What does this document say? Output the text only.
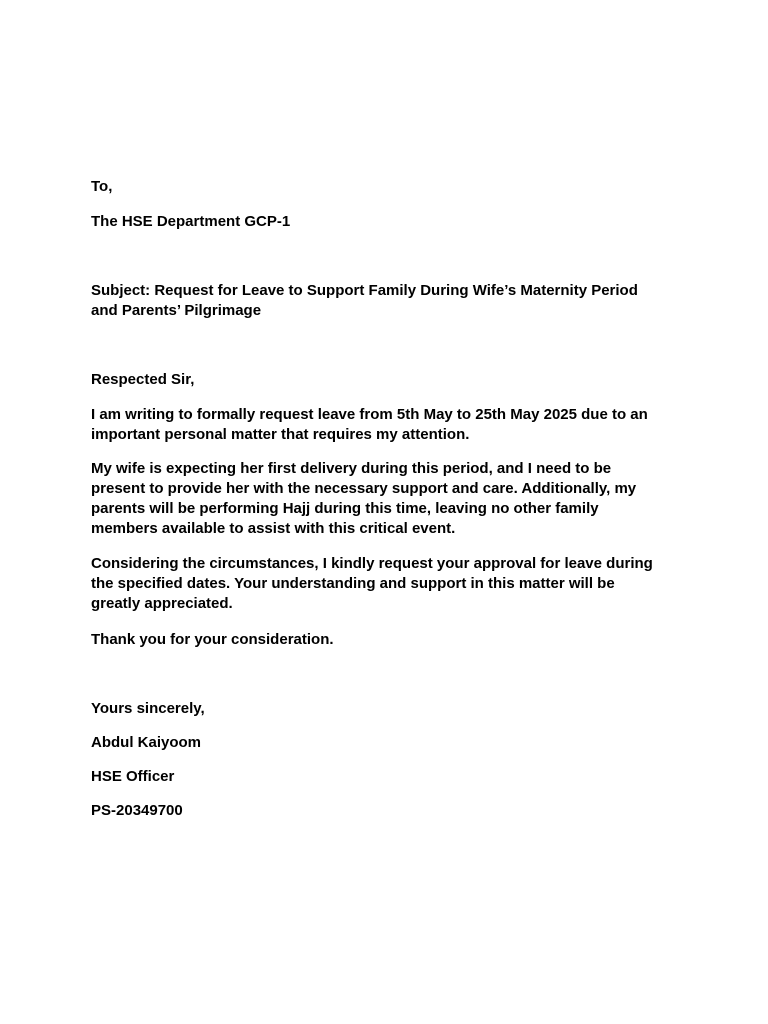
To,
The HSE Department GCP-1
Subject: Request for Leave to Support Family During Wife’s Maternity Period
and Parents’ Pilgrimage
Respected Sir,
I am writing to formally request leave from 5th May to 25th May 2025 due to an
important personal matter that requires my attention.
My wife is expecting her first delivery during this period, and I need to be
present to provide her with the necessary support and care. Additionally, my
parents will be performing Hajj during this time, leaving no other family
members available to assist with this critical event.
Considering the circumstances, I kindly request your approval for leave during
the specified dates. Your understanding and support in this matter will be
greatly appreciated.
Thank you for your consideration.
Yours sincerely,
Abdul Kaiyoom
HSE Officer
PS-20349700
